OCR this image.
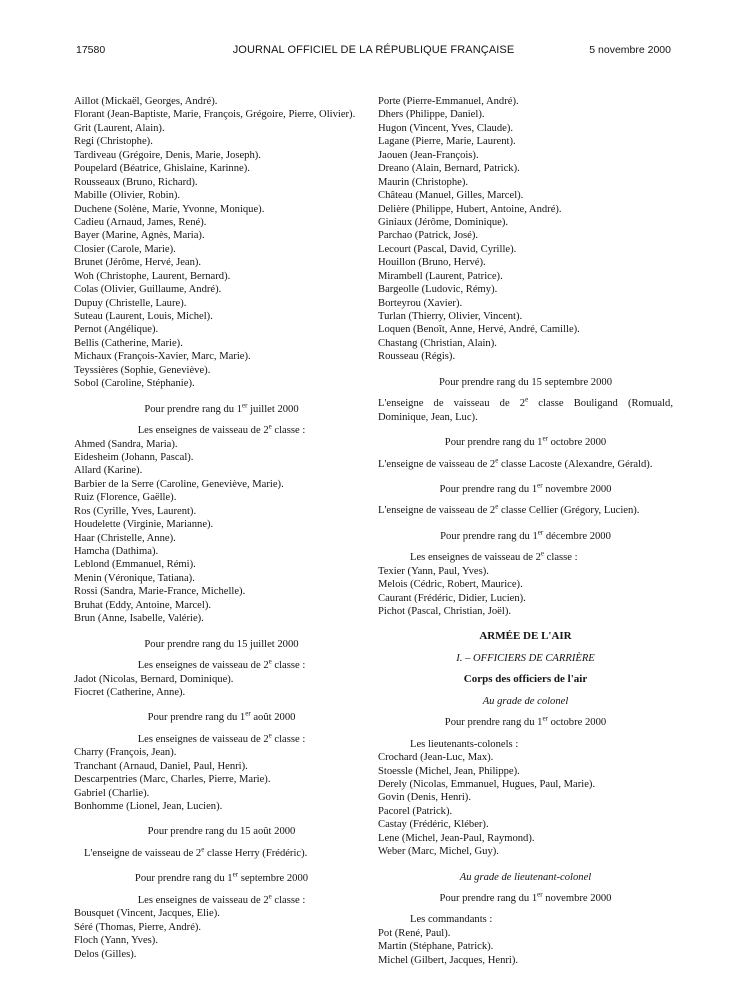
17580	JOURNAL OFFICIEL DE LA RÉPUBLIQUE FRANÇAISE	5 novembre 2000
Aillot (Mickaël, Georges, André).
Florant (Jean-Baptiste, Marie, François, Grégoire, Pierre, Olivier).
Grit (Laurent, Alain).
Regi (Christophe).
Tardiveau (Grégoire, Denis, Marie, Joseph).
Poupelard (Béatrice, Ghislaine, Karinne).
Rousseaux (Bruno, Richard).
Mabille (Olivier, Robin).
Duchene (Solène, Marie, Yvonne, Monique).
Cadieu (Arnaud, James, René).
Bayer (Marine, Agnès, Maria).
Closier (Carole, Marie).
Brunet (Jérôme, Hervé, Jean).
Woh (Christophe, Laurent, Bernard).
Colas (Olivier, Guillaume, André).
Dupuy (Christelle, Laure).
Suteau (Laurent, Louis, Michel).
Pernot (Angélique).
Bellis (Catherine, Marie).
Michaux (François-Xavier, Marc, Marie).
Teyssières (Sophie, Geneviève).
Sobol (Caroline, Stéphanie).
Pour prendre rang du 1er juillet 2000
Les enseignes de vaisseau de 2e classe :
Ahmed (Sandra, Maria).
Eidesheim (Johann, Pascal).
Allard (Karine).
Barbier de la Serre (Caroline, Geneviève, Marie).
Ruiz (Florence, Gaëlle).
Ros (Cyrille, Yves, Laurent).
Houdelette (Virginie, Marianne).
Haar (Christelle, Anne).
Hamcha (Dathima).
Leblond (Emmanuel, Rémi).
Menin (Véronique, Tatiana).
Rossi (Sandra, Marie-France, Michelle).
Bruhat (Eddy, Antoine, Marcel).
Brun (Anne, Isabelle, Valérie).
Pour prendre rang du 15 juillet 2000
Les enseignes de vaisseau de 2e classe :
Jadot (Nicolas, Bernard, Dominique).
Fiocret (Catherine, Anne).
Pour prendre rang du 1er août 2000
Les enseignes de vaisseau de 2e classe :
Charry (François, Jean).
Tranchant (Arnaud, Daniel, Paul, Henri).
Descarpentries (Marc, Charles, Pierre, Marie).
Gabriel (Charlie).
Bonhomme (Lionel, Jean, Lucien).
Pour prendre rang du 15 août 2000
L'enseigne de vaisseau de 2e classe Herry (Frédéric).
Pour prendre rang du 1er septembre 2000
Les enseignes de vaisseau de 2e classe :
Bousquet (Vincent, Jacques, Elie).
Séré (Thomas, Pierre, André).
Floch (Yann, Yves).
Delos (Gilles).
Porte (Pierre-Emmanuel, André).
Dhers (Philippe, Daniel).
Hugon (Vincent, Yves, Claude).
Lagane (Pierre, Marie, Laurent).
Jaouen (Jean-François).
Dreano (Alain, Bernard, Patrick).
Maurin (Christophe).
Château (Manuel, Gilles, Marcel).
Delière (Philippe, Hubert, Antoine, André).
Giniaux (Jérôme, Dominique).
Parchao (Patrick, José).
Lecourt (Pascal, David, Cyrille).
Houillon (Bruno, Hervé).
Mirambell (Laurent, Patrice).
Bargeolle (Ludovic, Rémy).
Borteyrou (Xavier).
Turlan (Thierry, Olivier, Vincent).
Loquen (Benoît, Anne, Hervé, André, Camille).
Chastang (Christian, Alain).
Rousseau (Régis).
Pour prendre rang du 15 septembre 2000
L'enseigne de vaisseau de 2e classe Bouligand (Romuald, Dominique, Jean, Luc).
Pour prendre rang du 1er octobre 2000
L'enseigne de vaisseau de 2e classe Lacoste (Alexandre, Gérald).
Pour prendre rang du 1er novembre 2000
L'enseigne de vaisseau de 2e classe Cellier (Grégory, Lucien).
Pour prendre rang du 1er décembre 2000
Les enseignes de vaisseau de 2e classe :
Texier (Yann, Paul, Yves).
Melois (Cédric, Robert, Maurice).
Caurant (Frédéric, Didier, Lucien).
Pichot (Pascal, Christian, Joël).
ARMÉE DE L'AIR
I. – OFFICIERS DE CARRIÈRE
Corps des officiers de l'air
Au grade de colonel
Pour prendre rang du 1er octobre 2000
Les lieutenants-colonels :
Crochard (Jean-Luc, Max).
Stoessle (Michel, Jean, Philippe).
Derely (Nicolas, Emmanuel, Hugues, Paul, Marie).
Govin (Denis, Henri).
Pacorel (Patrick).
Castay (Frédéric, Kléber).
Lene (Michel, Jean-Paul, Raymond).
Weber (Marc, Michel, Guy).
Au grade de lieutenant-colonel
Pour prendre rang du 1er novembre 2000
Les commandants :
Pot (René, Paul).
Martin (Stéphane, Patrick).
Michel (Gilbert, Jacques, Henri).
